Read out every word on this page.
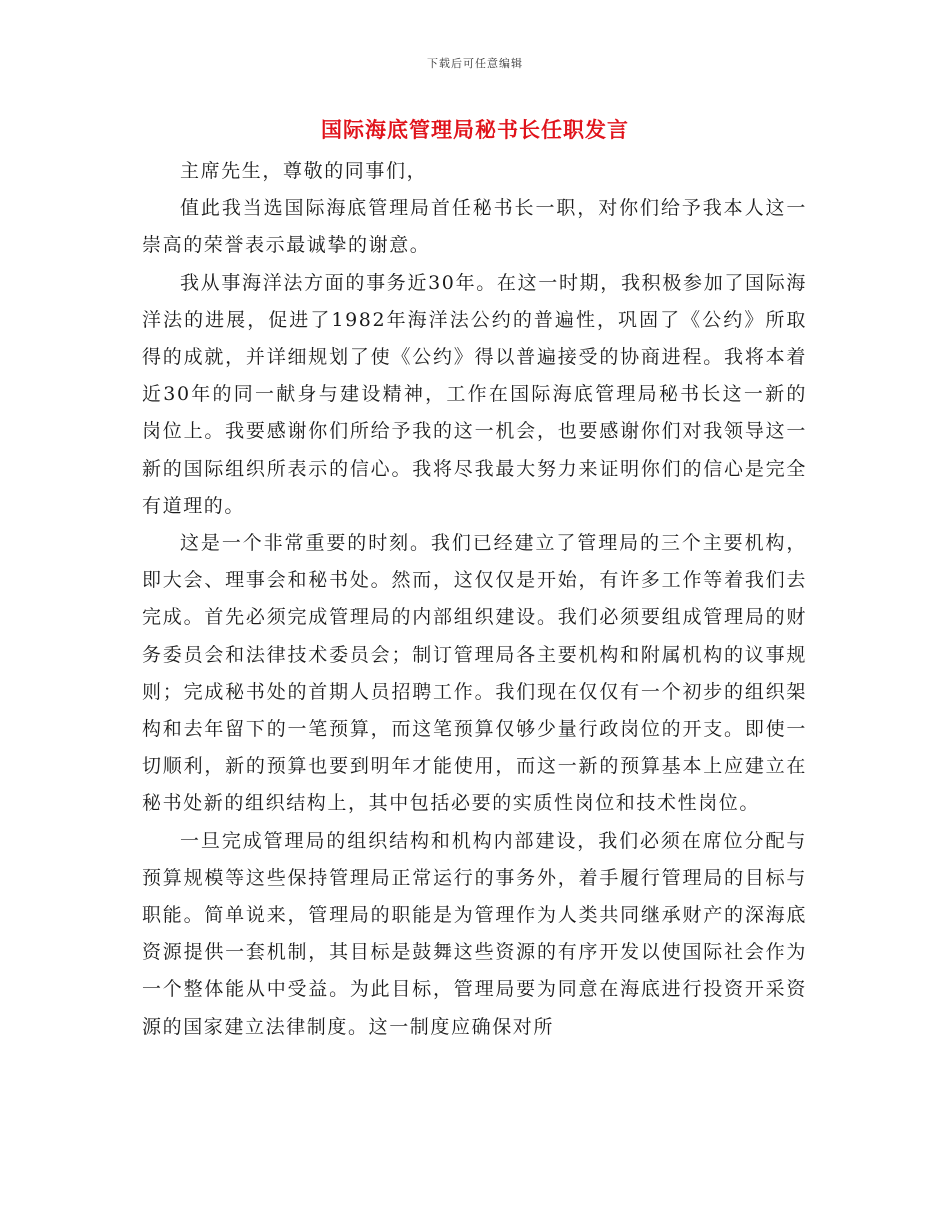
下载后可任意编辑
国际海底管理局秘书长任职发言

主席先生，尊敬的同事们，

值此我当选国际海底管理局首任秘书长一职，对你们给予我本人这一崇高的荣誉表示最诚挚的谢意。

我从事海洋法方面的事务近30年。在这一时期，我积极参加了国际海洋法的进展，促进了1982年海洋法公约的普遍性，巩固了《公约》所取得的成就，并详细规划了使《公约》得以普遍接受的协商进程。我将本着近30年的同一献身与建设精神，工作在国际海底管理局秘书长这一新的岗位上。我要感谢你们所给予我的这一机会，也要感谢你们对我领导这一新的国际组织所表示的信心。我将尽我最大努力来证明你们的信心是完全有道理的。

这是一个非常重要的时刻。我们已经建立了管理局的三个主要机构，即大会、理事会和秘书处。然而，这仅仅是开始，有许多工作等着我们去完成。首先必须完成管理局的内部组织建设。我们必须要组成管理局的财务委员会和法律技术委员会；制订管理局各主要机构和附属机构的议事规则；完成秘书处的首期人员招聘工作。我们现在仅仅有一个初步的组织架构和去年留下的一笔预算，而这笔预算仅够少量行政岗位的开支。即使一切顺利，新的预算也要到明年才能使用，而这一新的预算基本上应建立在秘书处新的组织结构上，其中包括必要的实质性岗位和技术性岗位。

一旦完成管理局的组织结构和机构内部建设，我们必须在席位分配与预算规模等这些保持管理局正常运行的事务外，着手履行管理局的目标与职能。简单说来，管理局的职能是为管理作为人类共同继承财产的深海底资源提供一套机制，其目标是鼓舞这些资源的有序开发以使国际社会作为一个整体能从中受益。为此目标，管理局要为同意在海底进行投资开采资源的国家建立法律制度。这一制度应确保对所
